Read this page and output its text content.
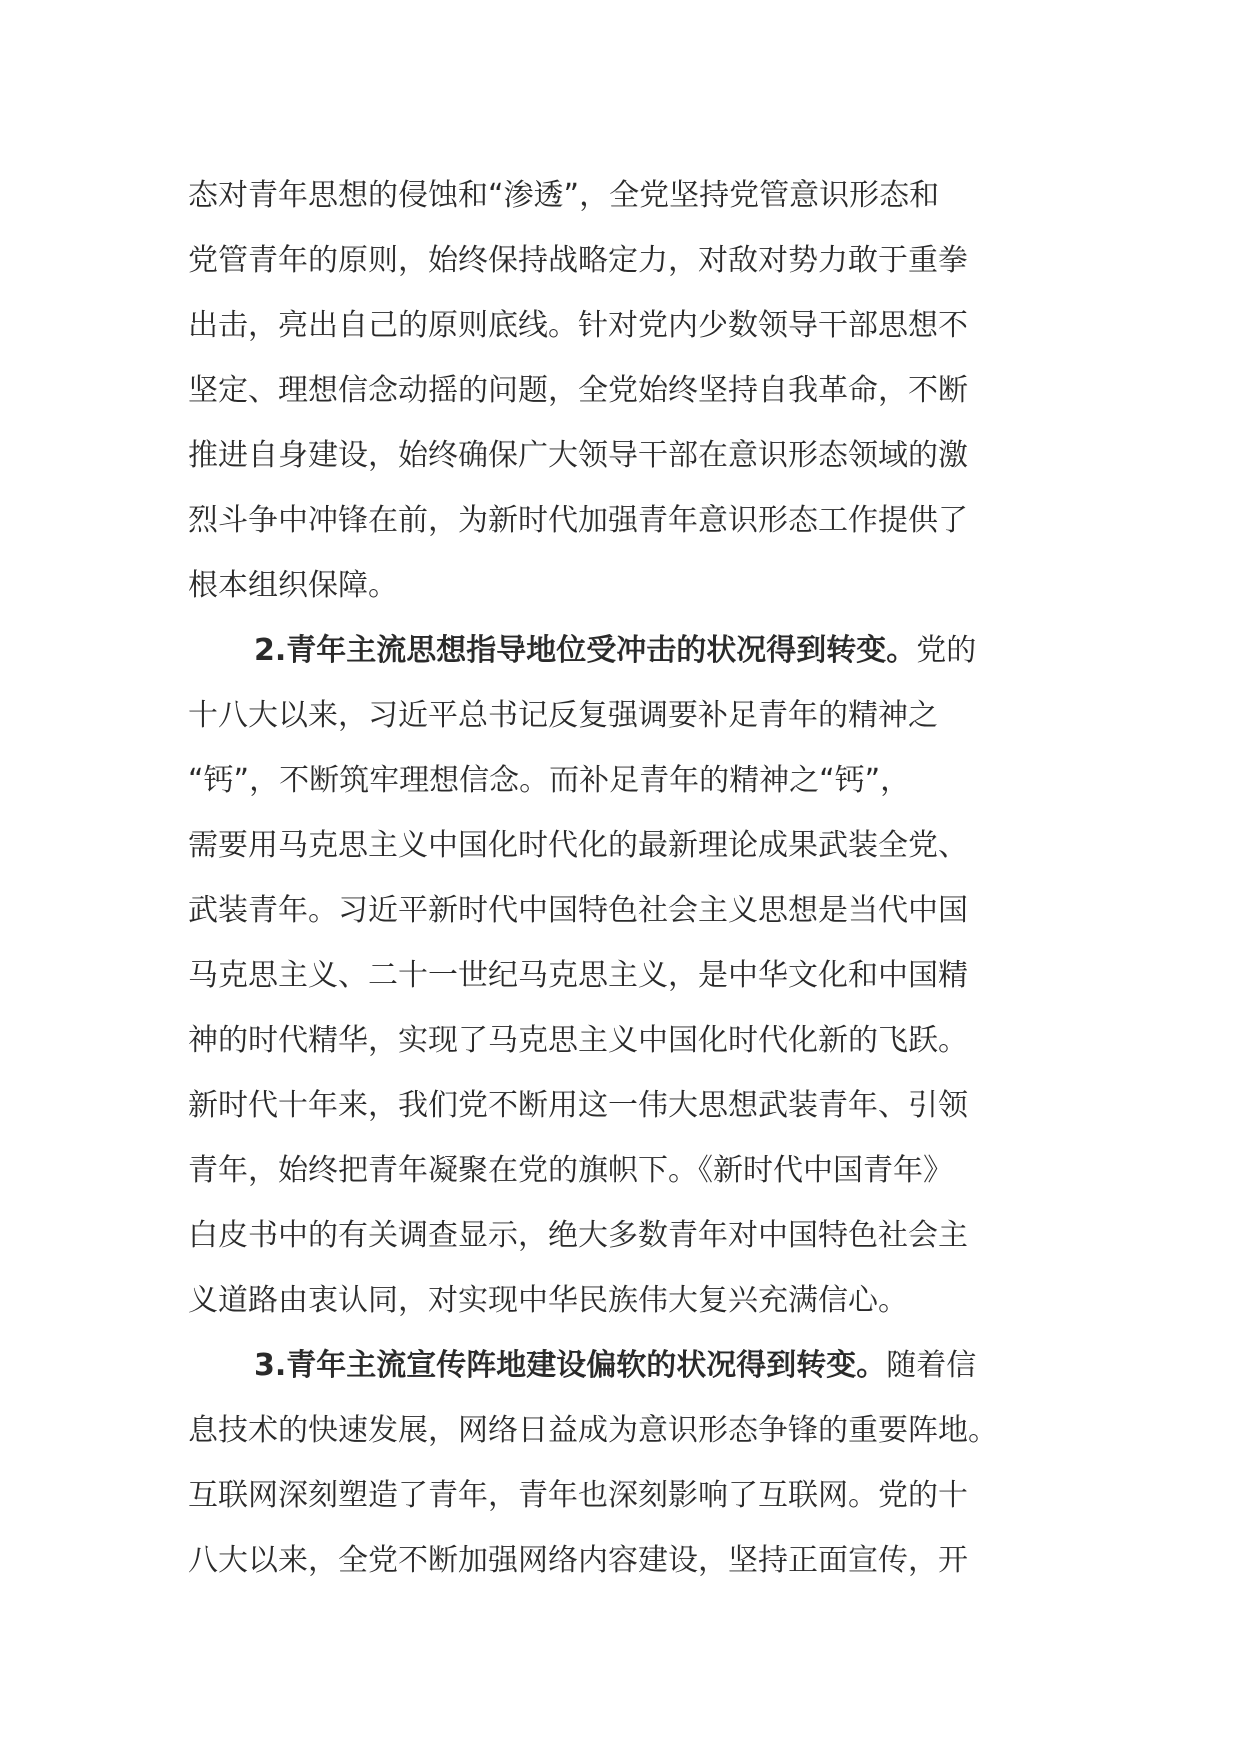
态对青年思想的侵蚀和“渗透”，全党坚持党管意识形态和
党管青年的原则，始终保持战略定力，对敌对势力敢于重拳
出击，亮出自己的原则底线。针对党内少数领导干部思想不
坚定、理想信念动摇的问题，全党始终坚持自我革命，不断
推进自身建设，始终确保广大领导干部在意识形态领域的激
烈斗争中冲锋在前，为新时代加强青年意识形态工作提供了
根本组织保障。
2.青年主流思想指导地位受冲击的状况得到转变。党的
十八大以来，习近平总书记反复强调要补足青年的精神之
“钙”，不断筑牢理想信念。而补足青年的精神之“钙”，
需要用马克思主义中国化时代化的最新理论成果武装全党、
武装青年。习近平新时代中国特色社会主义思想是当代中国
马克思主义、二十一世纪马克思主义，是中华文化和中国精
神的时代精华，实现了马克思主义中国化时代化新的飞跃。
新时代十年来，我们党不断用这一伟大思想武装青年、引领
青年，始终把青年凝聚在党的旗帜下。《新时代中国青年》
白皮书中的有关调查显示，绝大多数青年对中国特色社会主
义道路由衷认同，对实现中华民族伟大复兴充满信心。
3.青年主流宣传阵地建设偏软的状况得到转变。随着信
息技术的快速发展，网络日益成为意识形态争锋的重要阵地。
互联网深刻塑造了青年，青年也深刻影响了互联网。党的十
八大以来，全党不断加强网络内容建设，坚持正面宣传，开
